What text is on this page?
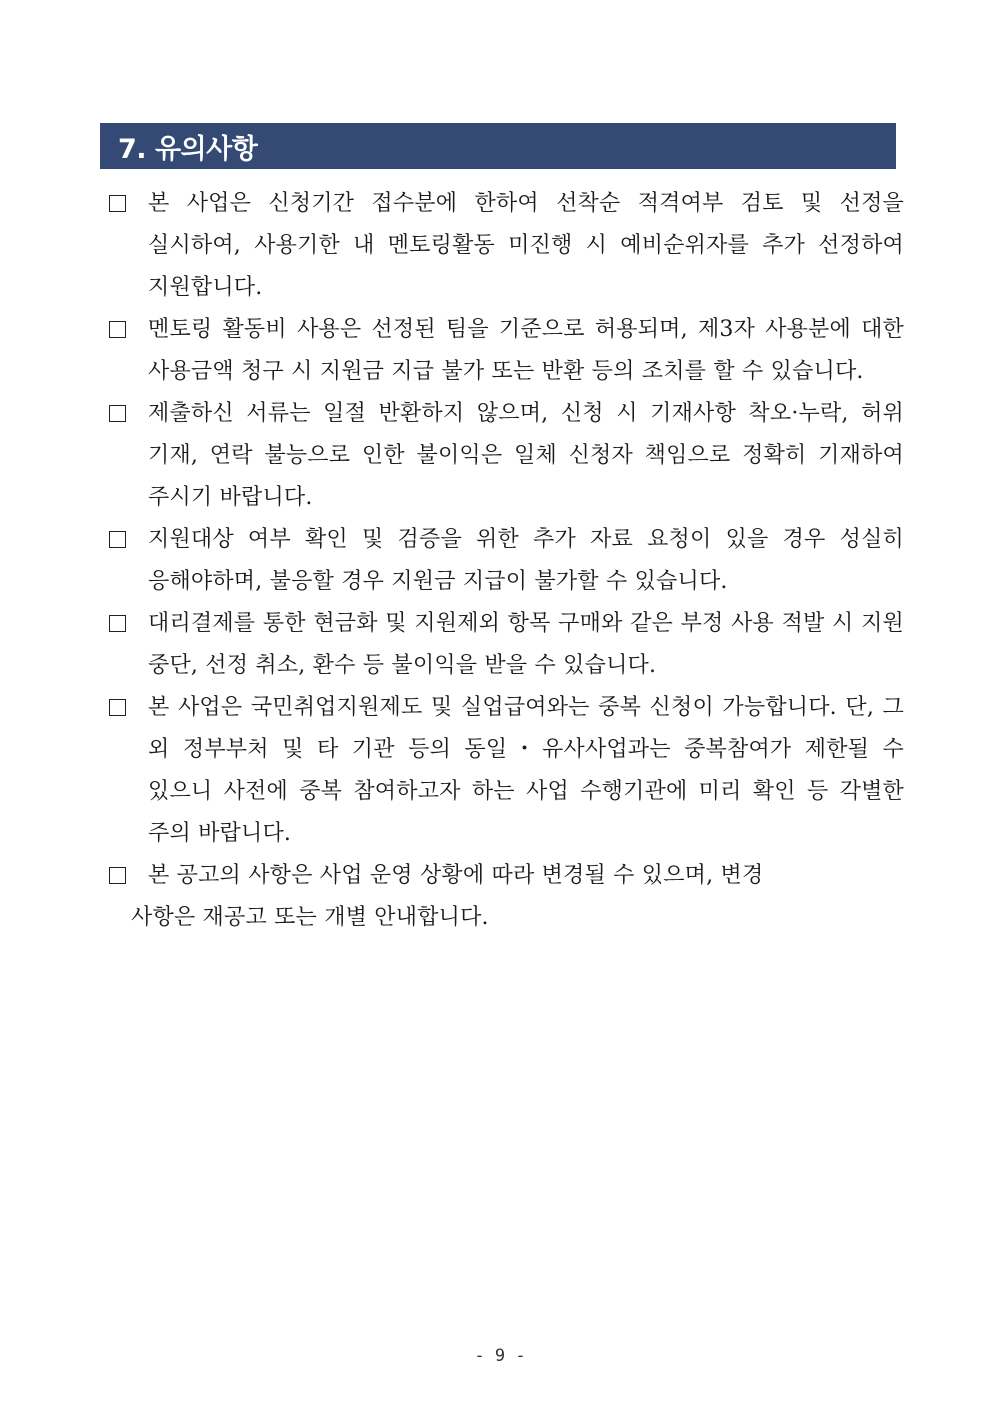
7. 유의사항
본 사업은 신청기간 접수분에 한하여 선착순 적격여부 검토 및 선정을 실시하여, 사용기한 내 멘토링활동 미진행 시 예비순위자를 추가 선정하여 지원합니다.
멘토링 활동비 사용은 선정된 팀을 기준으로 허용되며, 제3자 사용분에 대한 사용금액 청구 시 지원금 지급 불가 또는 반환 등의 조치를 할 수 있습니다.
제출하신 서류는 일절 반환하지 않으며, 신청 시 기재사항 착오·누락, 허위 기재, 연락 불능으로 인한 불이익은 일체 신청자 책임으로 정확히 기재하여 주시기 바랍니다.
지원대상 여부 확인 및 검증을 위한 추가 자료 요청이 있을 경우 성실히 응해야하며, 불응할 경우 지원금 지급이 불가할 수 있습니다.
대리결제를 통한 현금화 및 지원제외 항목 구매와 같은 부정 사용 적발 시 지원 중단, 선정 취소, 환수 등 불이익을 받을 수 있습니다.
본 사업은 국민취업지원제도 및 실업급여와는 중복 신청이 가능합니다. 단, 그 외 정부부처 및 타 기관 등의 동일・유사사업과는 중복참여가 제한될 수 있으니 사전에 중복 참여하고자 하는 사업 수행기관에 미리 확인 등 각별한 주의 바랍니다.
본 공고의 사항은 사업 운영 상황에 따라 변경될 수 있으며, 변경
사항은 재공고 또는 개별 안내합니다.
- 9 -
